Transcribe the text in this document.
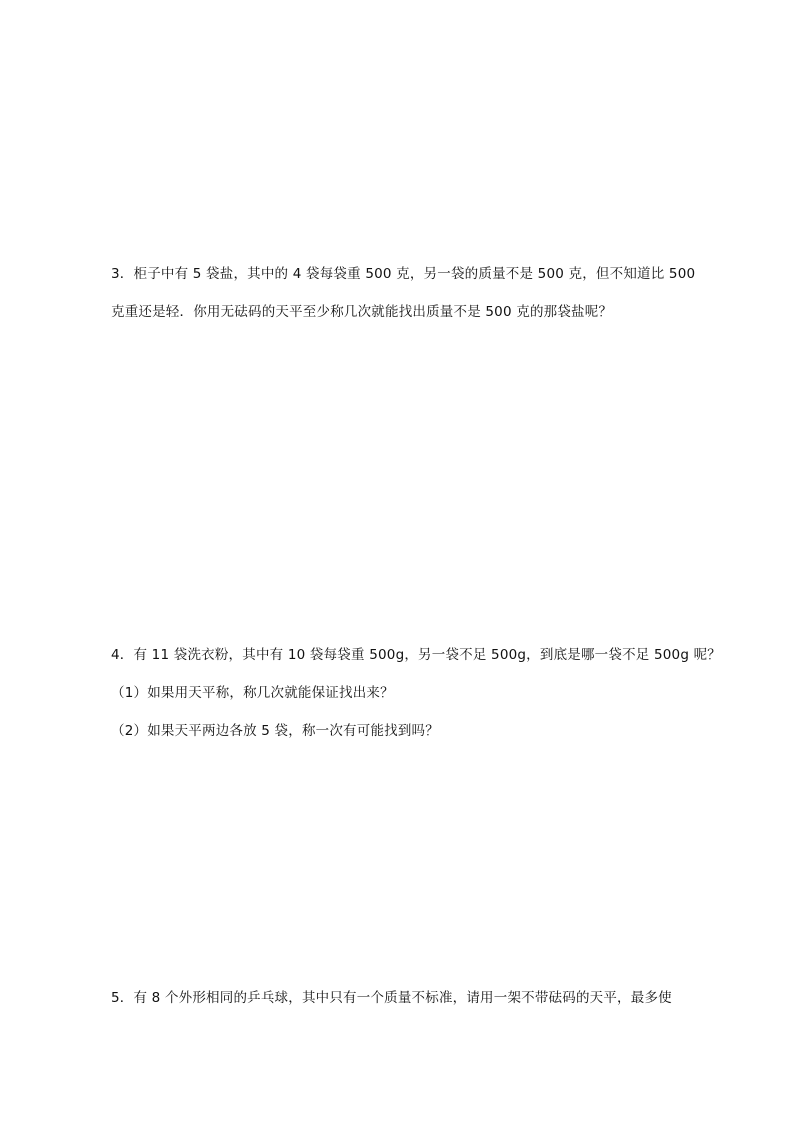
3．柜子中有 5 袋盐，其中的 4 袋每袋重 500 克，另一袋的质量不是 500 克，但不知道比 500
克重还是轻．你用无砝码的天平至少称几次就能找出质量不是 500 克的那袋盐呢？
4．有 11 袋洗衣粉，其中有 10 袋每袋重 500g，另一袋不足 500g，到底是哪一袋不足 500g 呢？
（1）如果用天平称，称几次就能保证找出来？
（2）如果天平两边各放 5 袋，称一次有可能找到吗？
5．有 8 个外形相同的乒乓球，其中只有一个质量不标准，请用一架不带砝码的天平，最多使
